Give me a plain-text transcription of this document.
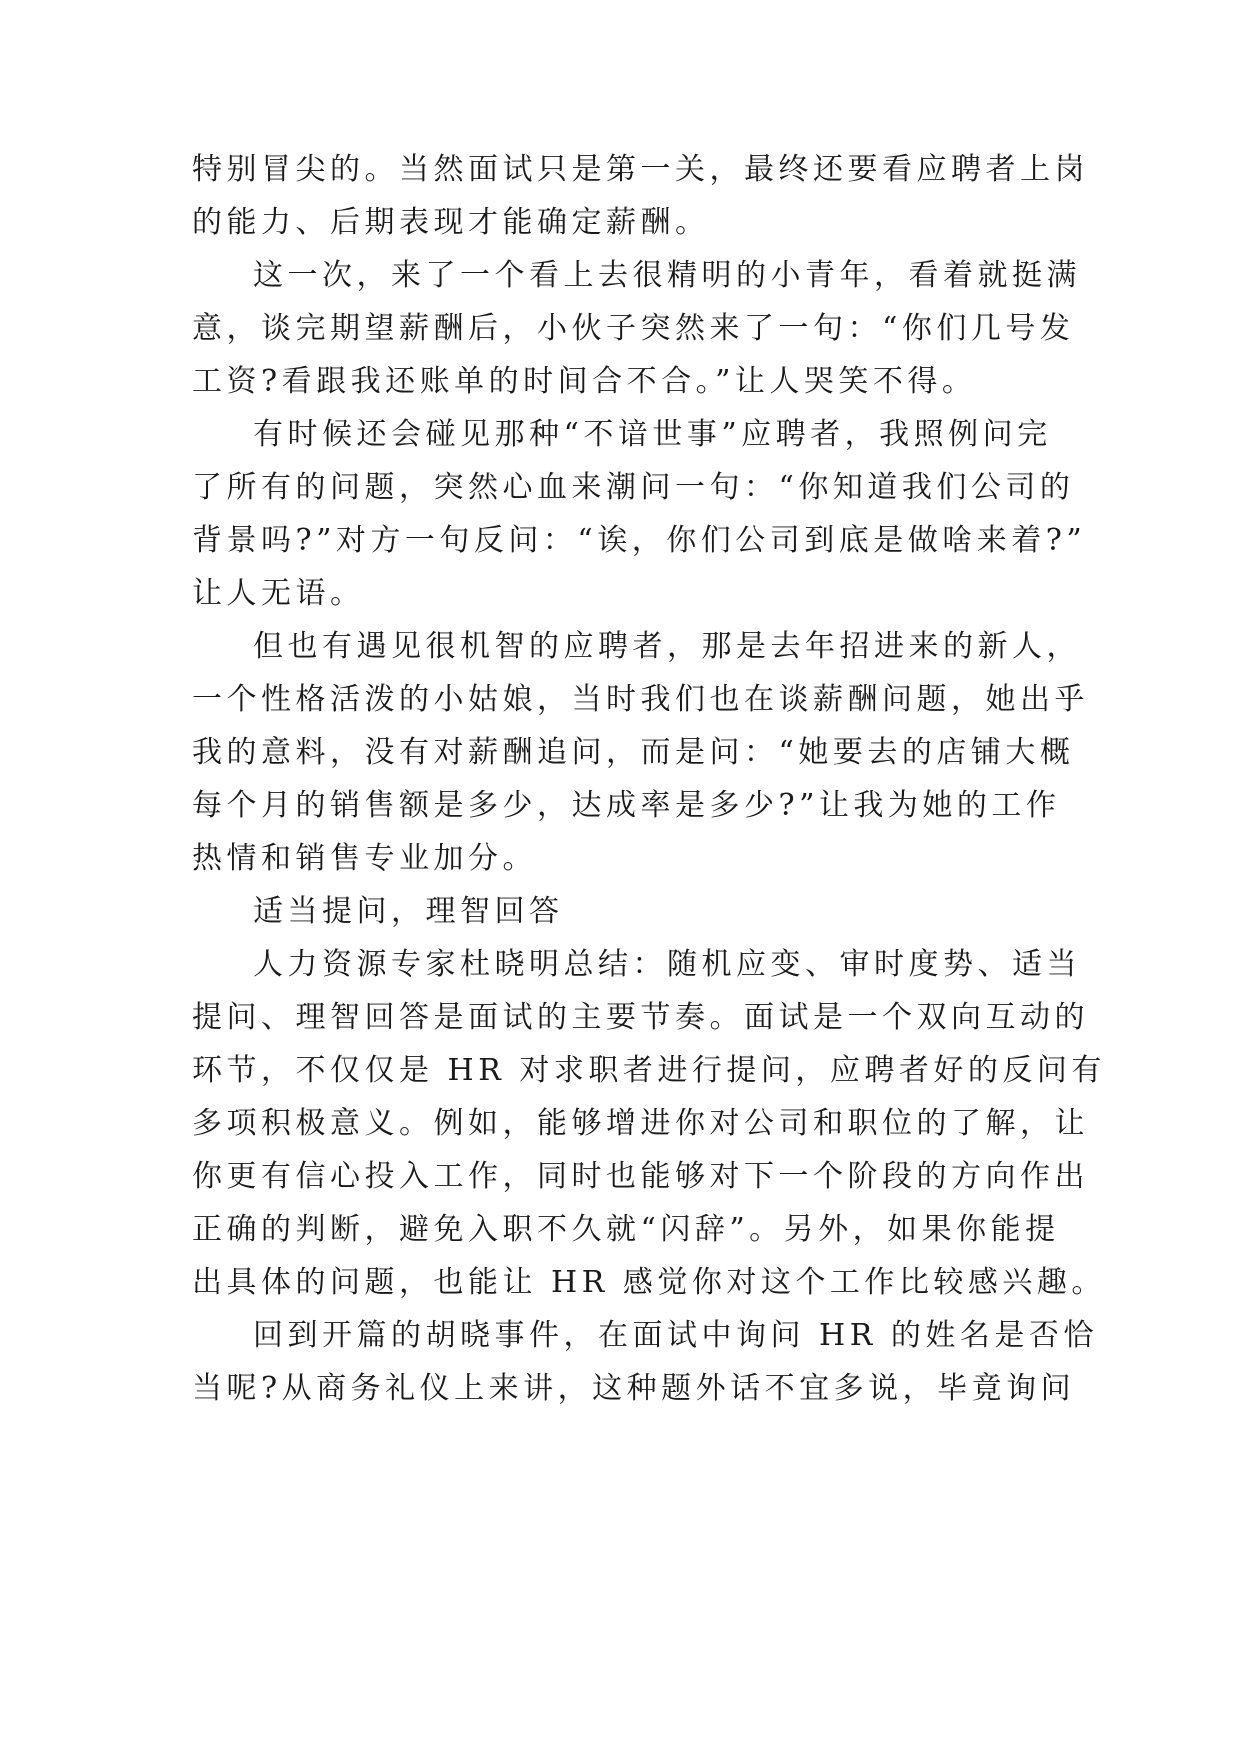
特别冒尖的。当然面试只是第一关，最终还要看应聘者上岗
的能力、后期表现才能确定薪酬。
这一次，来了一个看上去很精明的小青年，看着就挺满
意，谈完期望薪酬后，小伙子突然来了一句：“你们几号发
工资?看跟我还账单的时间合不合。”让人哭笑不得。
有时候还会碰见那种“不谙世事”应聘者，我照例问完
了所有的问题，突然心血来潮问一句：“你知道我们公司的
背景吗?”对方一句反问：“诶，你们公司到底是做啥来着?”
让人无语。
但也有遇见很机智的应聘者，那是去年招进来的新人，
一个性格活泼的小姑娘，当时我们也在谈薪酬问题，她出乎
我的意料，没有对薪酬追问，而是问：“她要去的店铺大概
每个月的销售额是多少，达成率是多少?”让我为她的工作
热情和销售专业加分。
适当提问，理智回答
人力资源专家杜晓明总结：随机应变、审时度势、适当
提问、理智回答是面试的主要节奏。面试是一个双向互动的
环节，不仅仅是 HR 对求职者进行提问，应聘者好的反问有
多项积极意义。例如，能够增进你对公司和职位的了解，让
你更有信心投入工作，同时也能够对下一个阶段的方向作出
正确的判断，避免入职不久就“闪辞”。另外，如果你能提
出具体的问题，也能让 HR 感觉你对这个工作比较感兴趣。
回到开篇的胡晓事件，在面试中询问 HR 的姓名是否恰
当呢?从商务礼仪上来讲，这种题外话不宜多说，毕竟询问
